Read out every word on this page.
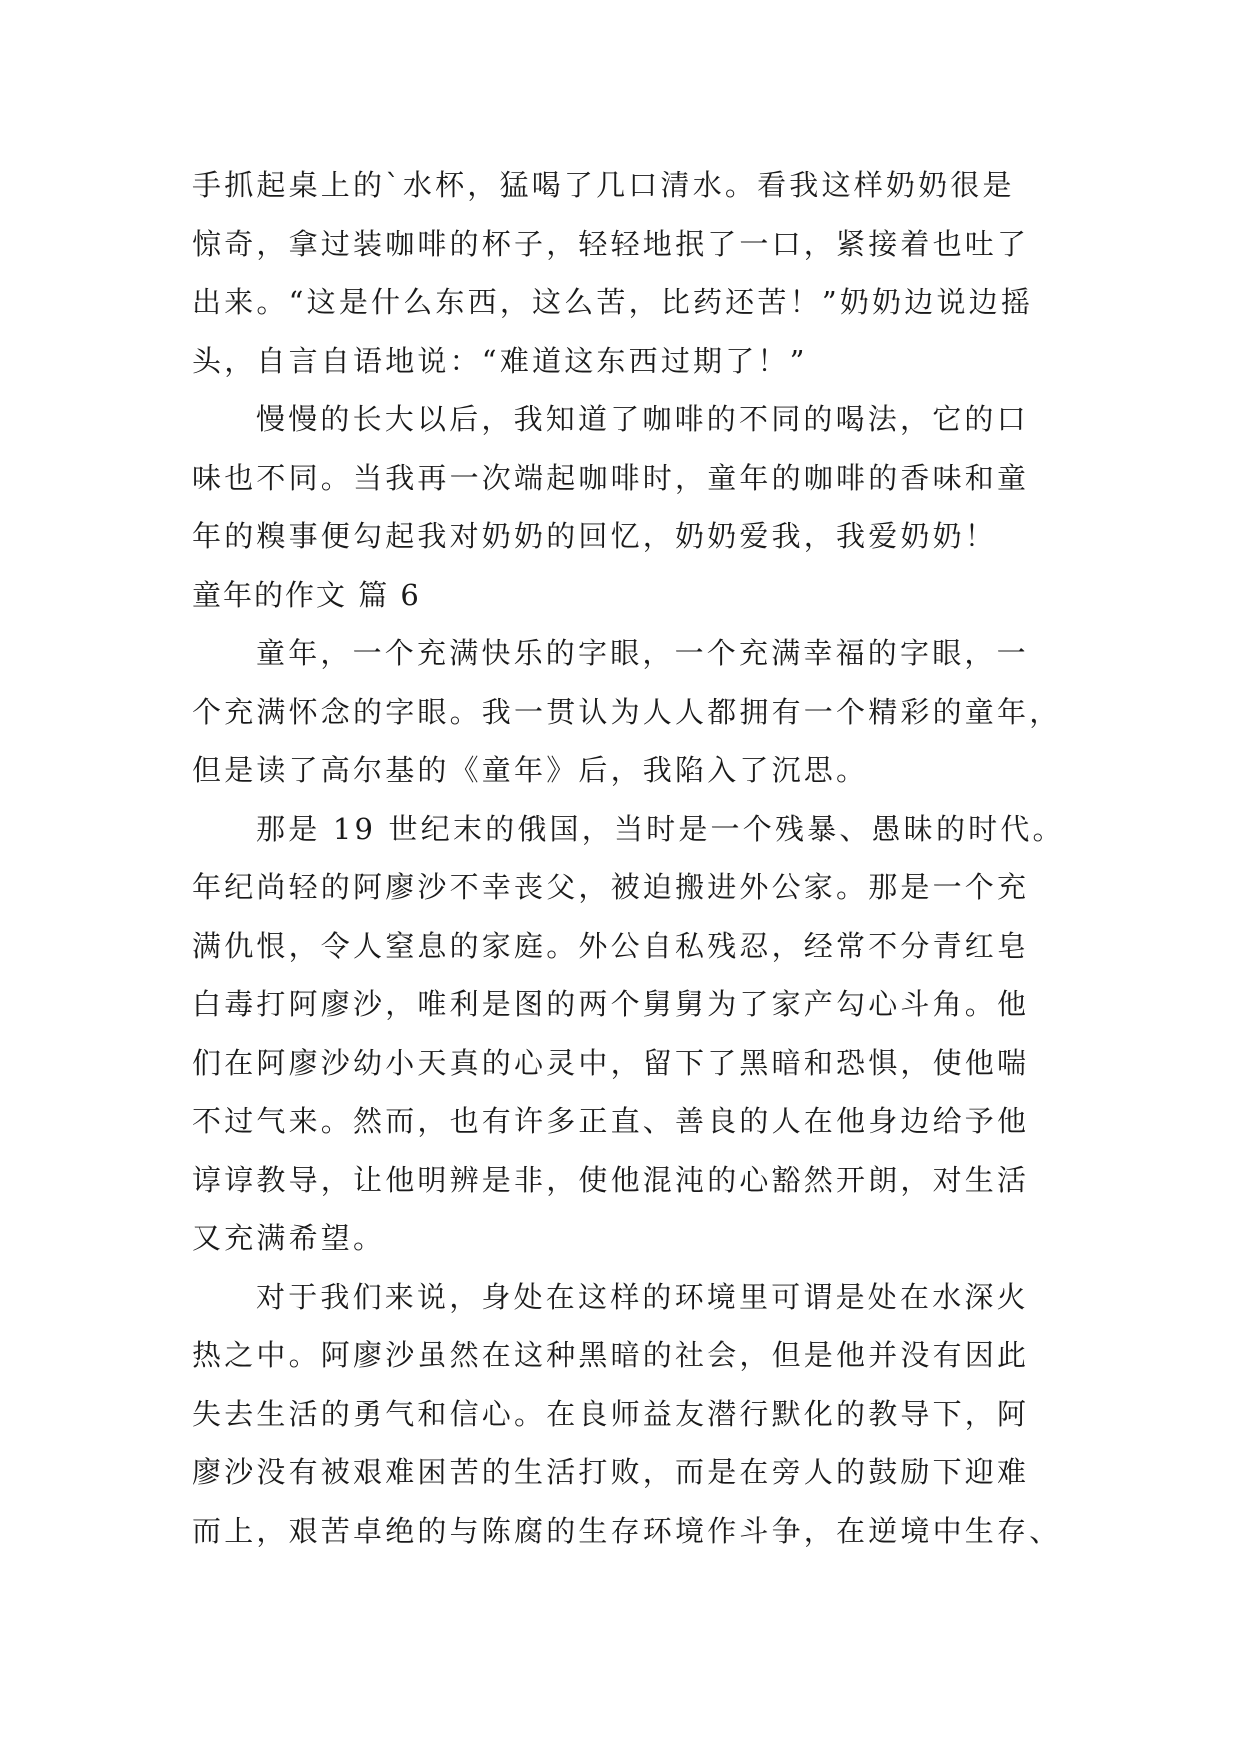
手抓起桌上的`水杯，猛喝了几口清水。看我这样奶奶很是
惊奇，拿过装咖啡的杯子，轻轻地抿了一口，紧接着也吐了
出来。“这是什么东西，这么苦，比药还苦！”奶奶边说边摇
头，自言自语地说：“难道这东西过期了！”
慢慢的长大以后，我知道了咖啡的不同的喝法，它的口
味也不同。当我再一次端起咖啡时，童年的咖啡的香味和童
年的糗事便勾起我对奶奶的回忆，奶奶爱我，我爱奶奶！
童年的作文 篇 6
童年，一个充满快乐的字眼，一个充满幸福的字眼，一
个充满怀念的字眼。我一贯认为人人都拥有一个精彩的童年，
但是读了高尔基的《童年》后，我陷入了沉思。
那是 19 世纪末的俄国，当时是一个残暴、愚昧的时代。
年纪尚轻的阿廖沙不幸丧父，被迫搬进外公家。那是一个充
满仇恨，令人窒息的家庭。外公自私残忍，经常不分青红皂
白毒打阿廖沙，唯利是图的两个舅舅为了家产勾心斗角。他
们在阿廖沙幼小天真的心灵中，留下了黑暗和恐惧，使他喘
不过气来。然而，也有许多正直、善良的人在他身边给予他
谆谆教导，让他明辨是非，使他混沌的心豁然开朗，对生活
又充满希望。
对于我们来说，身处在这样的环境里可谓是处在水深火
热之中。阿廖沙虽然在这种黑暗的社会，但是他并没有因此
失去生活的勇气和信心。在良师益友潜行默化的教导下，阿
廖沙没有被艰难困苦的生活打败，而是在旁人的鼓励下迎难
而上，艰苦卓绝的与陈腐的生存环境作斗争，在逆境中生存、
